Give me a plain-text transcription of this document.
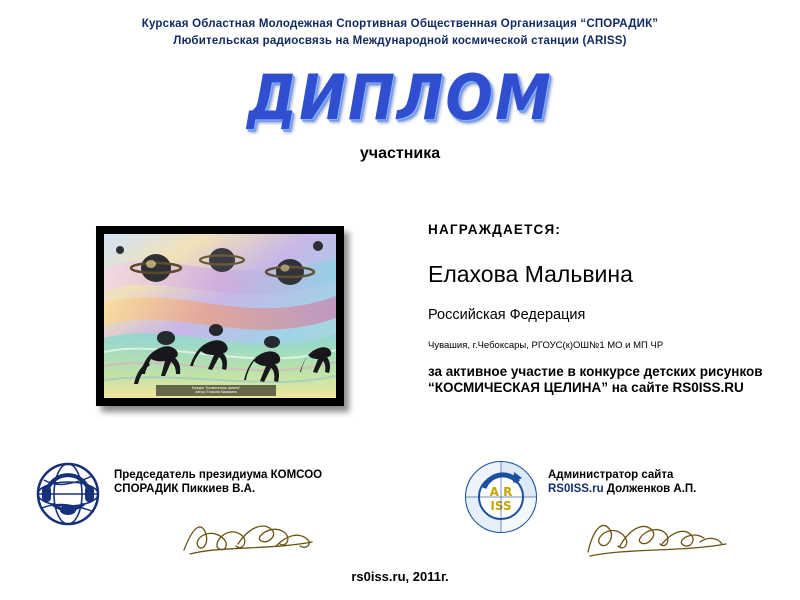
Курская Областная Молодежная Спортивная Общественная Организация “СПОРАДИК”
Любительская радиосвязь на Международной космической станции (ARISS)
ДИПЛОМ
участника
Конкурс "Космическая целина"
Автор: Елахова Мальвина
НАГРАЖДАЕТСЯ:
Елахова Мальвина
Российская Федерация
Чувашия, г.Чебоксары, РГОУС(к)ОШ№1 МО и МП ЧР
за активное участие в конкурсе детских рисунков “КОСМИЧЕСКАЯ ЦЕЛИНА” на сайте RS0ISS.RU
Председатель президиума КОМСОО
СПОРАДИК Пиккиев В.А.	A R
ISS
Администратор сайта
RS0ISS.ru Долженков А.П.
rs0iss.ru, 2011г.
